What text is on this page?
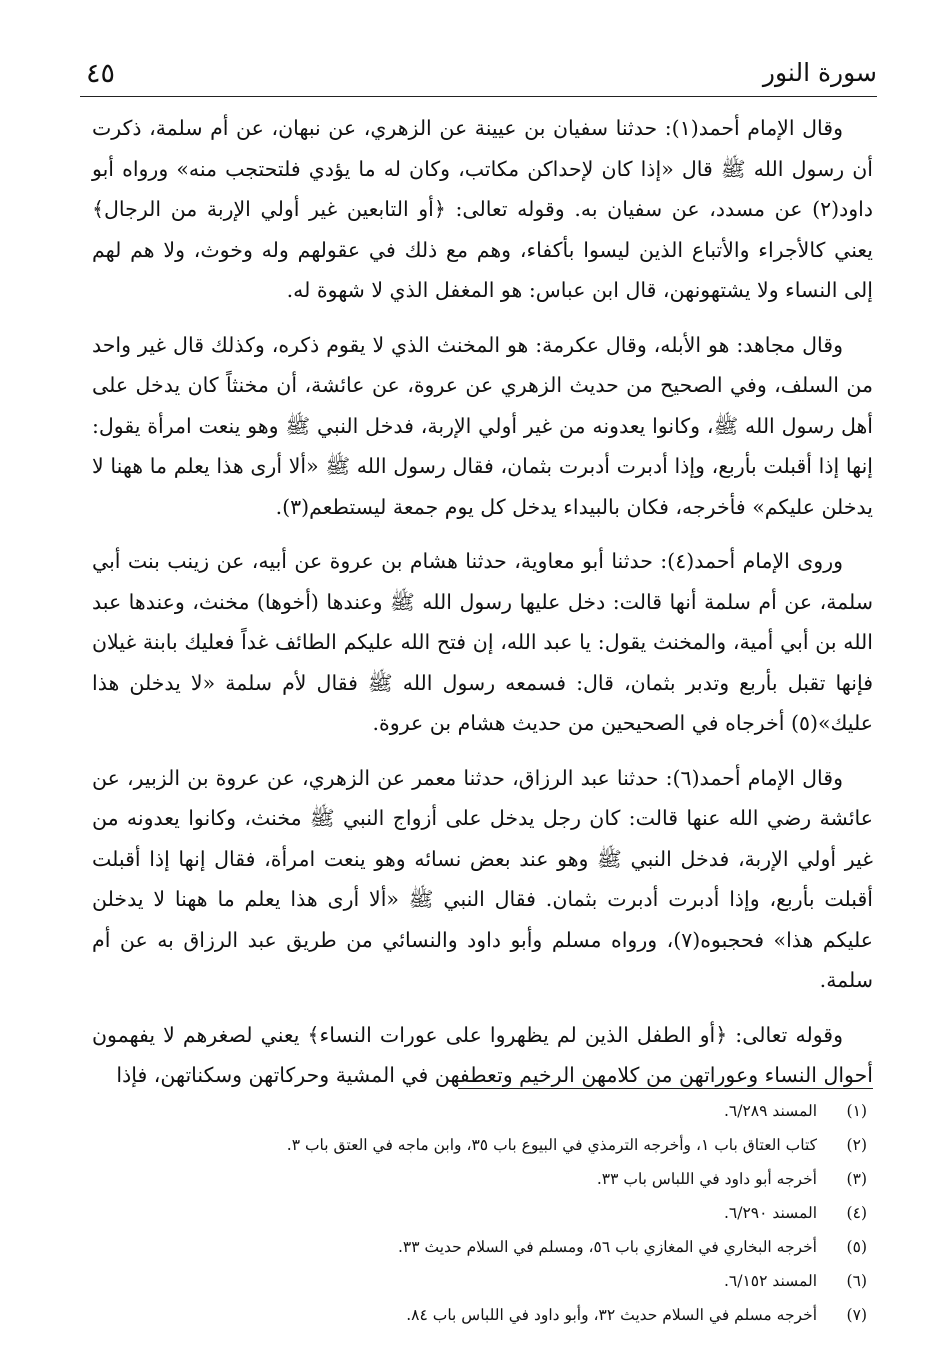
سورة النور
٤٥

وقال الإمام أحمد(١): حدثنا سفيان بن عيينة عن الزهري، عن نبهان، عن أم سلمة، ذكرت أن رسول الله ﷺ قال «إذا كان لإحداكن مكاتب، وكان له ما يؤدي فلتحتجب منه» ورواه أبو داود(٢) عن مسدد، عن سفيان به. وقوله تعالى: ﴿أو التابعين غير أولي الإربة من الرجال﴾ يعني كالأجراء والأتباع الذين ليسوا بأكفاء، وهم مع ذلك في عقولهم وله وخوث، ولا هم لهم إلى النساء ولا يشتهونهن، قال ابن عباس: هو المغفل الذي لا شهوة له.

وقال مجاهد: هو الأبله، وقال عكرمة: هو المخنث الذي لا يقوم ذكره، وكذلك قال غير واحد من السلف، وفي الصحيح من حديث الزهري عن عروة، عن عائشة، أن مخنثاً كان يدخل على أهل رسول الله ﷺ، وكانوا يعدونه من غير أولي الإربة، فدخل النبي ﷺ وهو ينعت امرأة يقول: إنها إذا أقبلت بأربع، وإذا أدبرت أدبرت بثمان، فقال رسول الله ﷺ «ألا أرى هذا يعلم ما ههنا لا يدخلن عليكم» فأخرجه، فكان بالبيداء يدخل كل يوم جمعة ليستطعم(٣).

وروى الإمام أحمد(٤): حدثنا أبو معاوية، حدثنا هشام بن عروة عن أبيه، عن زينب بنت أبي سلمة، عن أم سلمة أنها قالت: دخل عليها رسول الله ﷺ وعندها (أخوها) مخنث، وعندها عبد الله بن أبي أمية، والمخنث يقول: يا عبد الله، إن فتح الله عليكم الطائف غداً فعليك بابنة غيلان فإنها تقبل بأربع وتدبر بثمان، قال: فسمعه رسول الله ﷺ فقال لأم سلمة «لا يدخلن هذا عليك»(٥) أخرجاه في الصحيحين من حديث هشام بن عروة.

وقال الإمام أحمد(٦): حدثنا عبد الرزاق، حدثنا معمر عن الزهري، عن عروة بن الزبير، عن عائشة رضي الله عنها قالت: كان رجل يدخل على أزواج النبي ﷺ مخنث، وكانوا يعدونه من غير أولي الإربة، فدخل النبي ﷺ وهو عند بعض نسائه وهو ينعت امرأة، فقال إنها إذا أقبلت أقبلت بأربع، وإذا أدبرت أدبرت بثمان. فقال النبي ﷺ «ألا أرى هذا يعلم ما ههنا لا يدخلن عليكم هذا» فحجبوه(٧)، ورواه مسلم وأبو داود والنسائي من طريق عبد الرزاق به عن أم سلمة.

وقوله تعالى: ﴿أو الطفل الذين لم يظهروا على عورات النساء﴾ يعني لصغرهم لا يفهمون أحوال النساء وعوراتهن من كلامهن الرخيم وتعطفهن في المشية وحركاتهن وسكناتهن، فإذا

(١)
المسند ٦/٢٨٩.
(٢)
كتاب العتاق باب ١، وأخرجه الترمذي في البيوع باب ٣٥، وابن ماجه في العتق باب ٣.
(٣)
أخرجه أبو داود في اللباس باب ٣٣.
(٤)
المسند ٦/٢٩٠.
(٥)
أخرجه البخاري في المغازي باب ٥٦، ومسلم في السلام حديث ٣٣.
(٦)
المسند ٦/١٥٢.
(٧)
أخرجه مسلم في السلام حديث ٣٢، وأبو داود في اللباس باب ٨٤.
